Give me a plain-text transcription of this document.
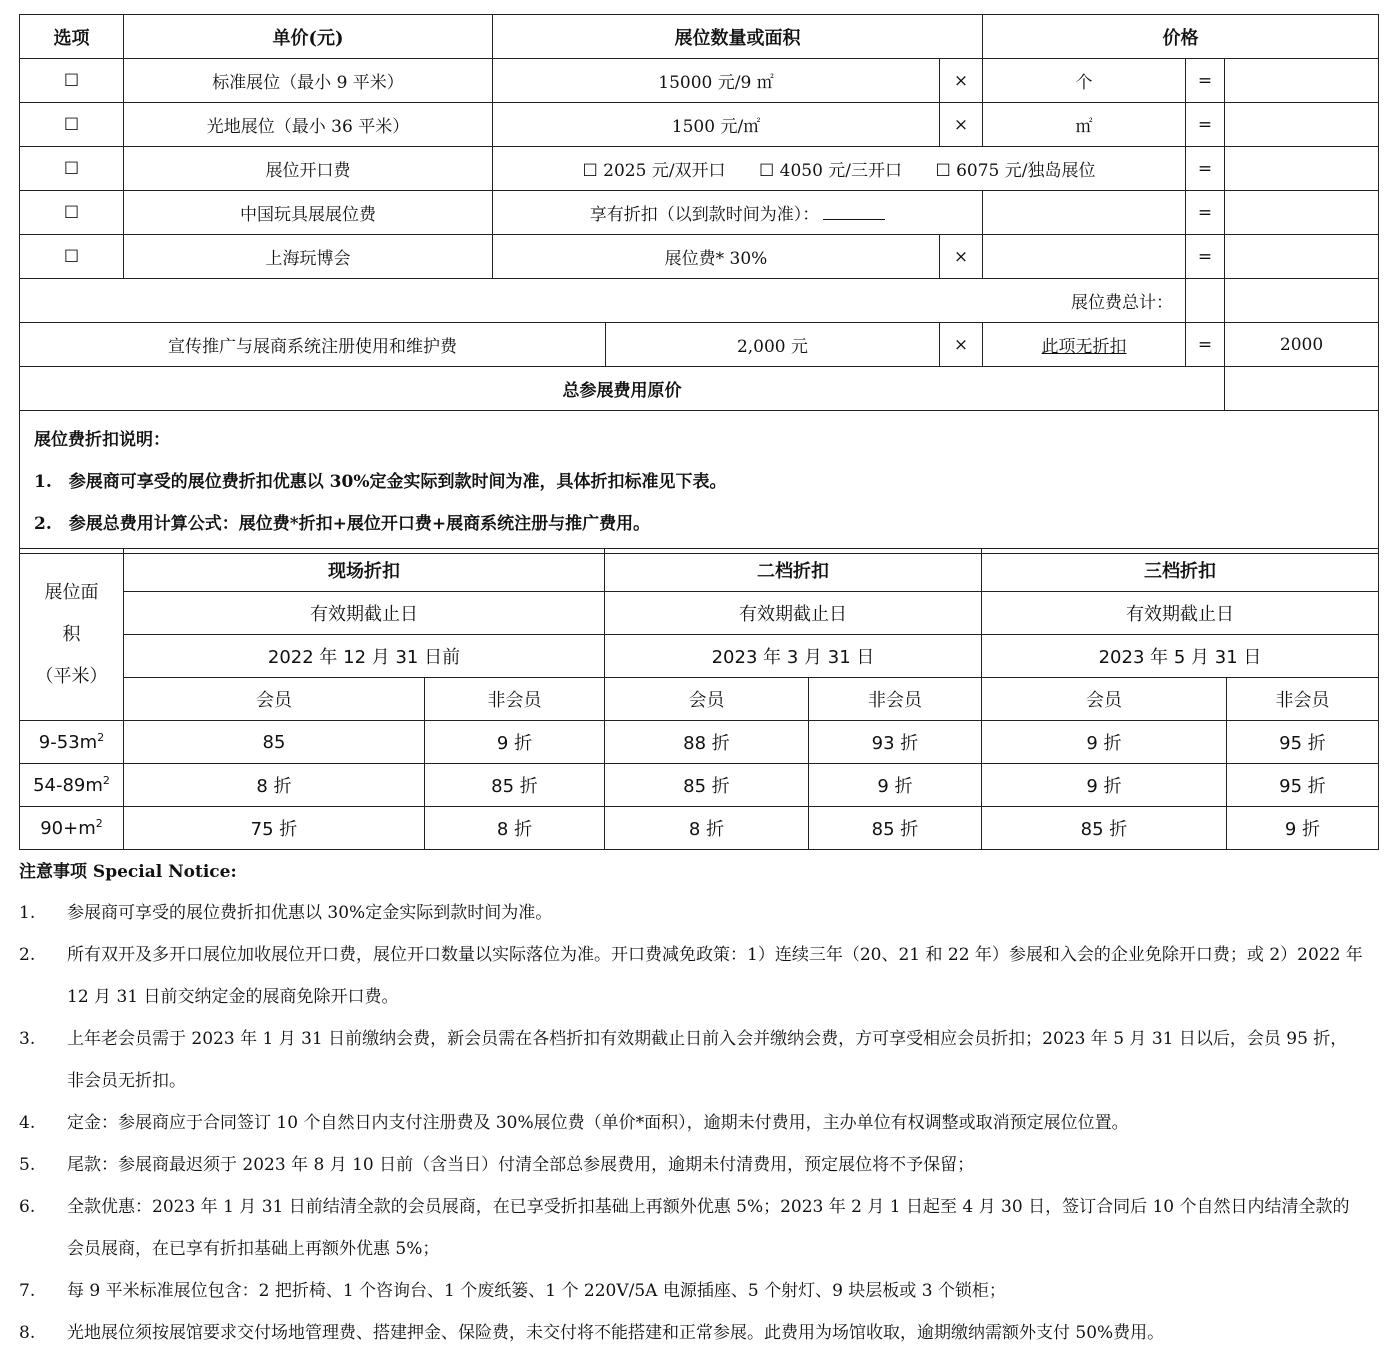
选项	单价(元)	展位数量或面积			价格		
☐	标准展位（最小 9 平米）	15000 元/9 ㎡		×	个	=	
☐	光地展位（最小 36 平米）	1500 元/㎡		×	㎡	=	
☐	展位开口费	☐ 2025 元/双开口 ☐ 4050 元/三开口 ☐ 6075 元/独岛展位				=	
☐	中国玩具展展位费	享有折扣（以到款时间为准）：				=	
☐	上海玩博会	展位费* 30%		×		=	
展位费总计：							
宣传推广与展商系统注册使用和维护费			2,000 元	×	此项无折扣	=	2000
总参展费用原价							

展位费折扣说明：

1.　参展商可享受的展位费折扣优惠以 30%定金实际到款时间为准，具体折扣标准见下表。

2.　参展总费用计算公式：展位费*折扣+展位开口费+展商系统注册与推广费用。							

展位面
积
（平米）	现场折扣		二档折扣		三档折扣	
	有效期截止日		有效期截止日		有效期截止日	
	2022 年 12 月 31 日前		2023 年 3 月 31 日		2023 年 5 月 31 日	
	会员	非会员	会员	非会员	会员	非会员
$9-53m^2$	85	9 折	88 折	93 折	9 折	95 折
$54-89m^2$	8 折	85 折	85 折	9 折	9 折	95 折
$90+m^2$	75 折	8 折	8 折	85 折	85 折	9 折
注意事项 Special Notice:
1.	参展商可享受的展位费折扣优惠以 30%定金实际到款时间为准。
2.	所有双开及多开口展位加收展位开口费，展位开口数量以实际落位为准。开口费减免政策：1）连续三年（20、21 和 22 年）参展和入会的企业免除开口费；或 2）2022 年 12 月 31 日前交纳定金的展商免除开口费。
3.	上年老会员需于 2023 年 1 月 31 日前缴纳会费，新会员需在各档折扣有效期截止日前入会并缴纳会费，方可享受相应会员折扣；2023 年 5 月 31 日以后，会员 95 折，非会员无折扣。
4.	定金：参展商应于合同签订 10 个自然日内支付注册费及 30%展位费（单价*面积），逾期未付费用，主办单位有权调整或取消预定展位位置。
5.	尾款：参展商最迟须于 2023 年 8 月 10 日前（含当日）付清全部总参展费用，逾期未付清费用，预定展位将不予保留；
6.	全款优惠：2023 年 1 月 31 日前结清全款的会员展商，在已享受折扣基础上再额外优惠 5%；2023 年 2 月 1 日起至 4 月 30 日，签订合同后 10 个自然日内结清全款的会员展商，在已享有折扣基础上再额外优惠 5%；
7.	每 9 平米标准展位包含：2 把折椅、1 个咨询台、1 个废纸篓、1 个 220V/5A 电源插座、5 个射灯、9 块层板或 3 个锁柜；
8.	光地展位须按展馆要求交付场地管理费、搭建押金、保险费，未交付将不能搭建和正常参展。此费用为场馆收取，逾期缴纳需额外支付 50%费用。
